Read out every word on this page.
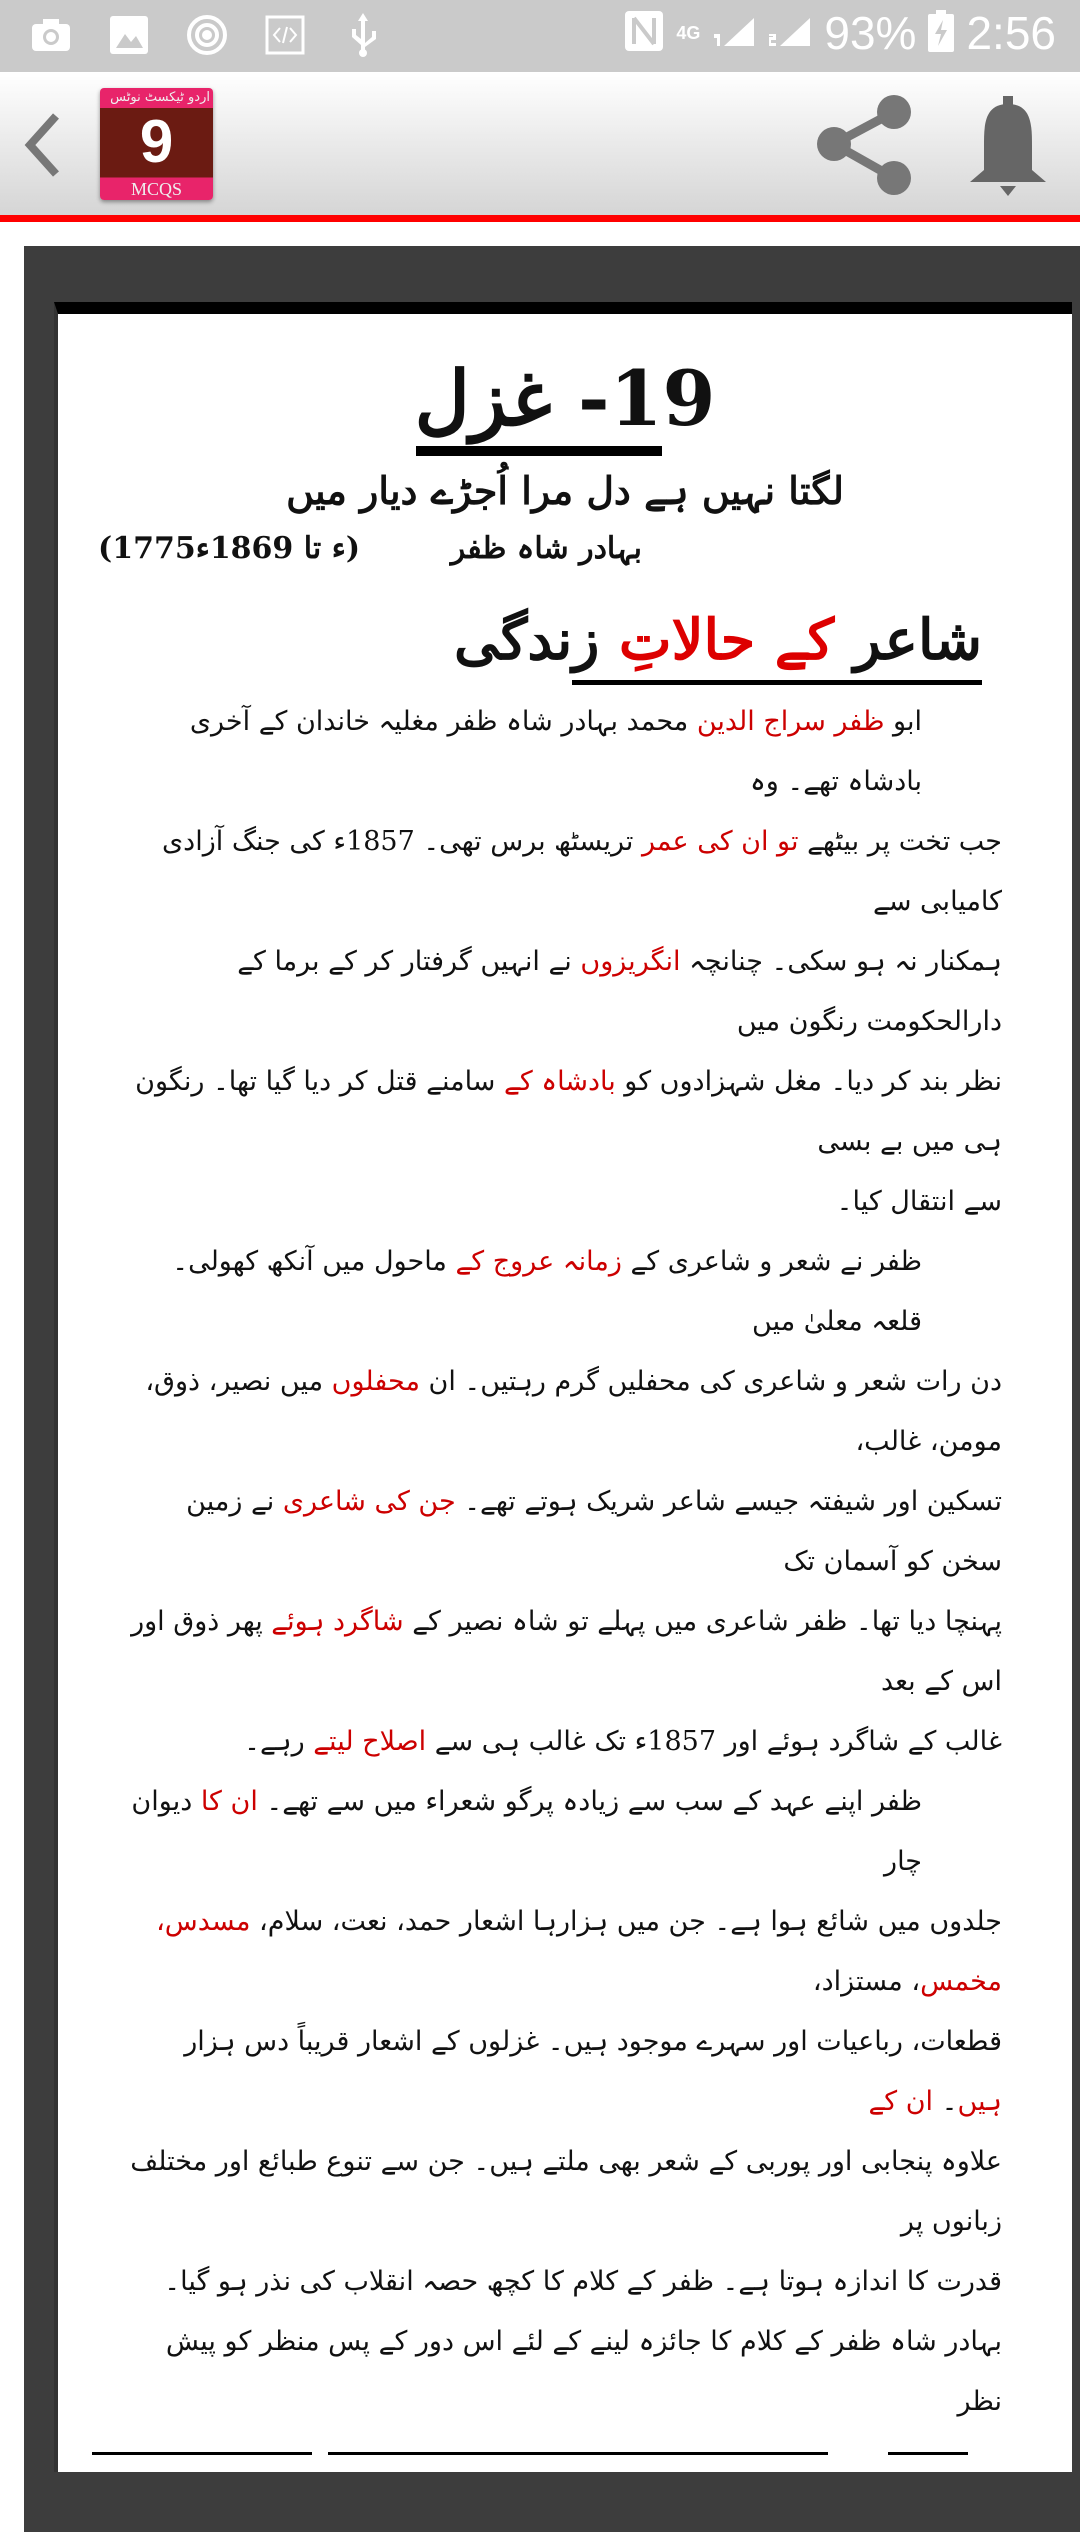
4G	93% 2:56
اردو ٹیکسٹ نوٹس
9
MCQS
19- غزل
لگتا نہیں ہے دل مرا اُجڑے دیار میں
بہادر شاہ ظفر
(1775ء تا 1869ء)
شاعر کے حالاتِ زندگی
ابو ظفر سراج الدین محمد بہادر شاہ ظفر مغلیہ خاندان کے آخری بادشاہ تھے۔ وہ
جب تخت پر بیٹھے تو ان کی عمر تریسٹھ برس تھی۔ 1857ء کی جنگ آزادی کامیابی سے
ہمکنار نہ ہو سکی۔ چنانچہ انگریزوں نے انہیں گرفتار کر کے برما کے دارالحکومت رنگون میں
نظر بند کر دیا۔ مغل شہزادوں کو بادشاہ کے سامنے قتل کر دیا گیا تھا۔ رنگون ہی میں بے بسی
سے انتقال کیا۔
ظفر نے شعر و شاعری کے زمانہ عروج کے ماحول میں آنکھ کھولی۔ قلعہ معلیٰ میں
دن رات شعر و شاعری کی محفلیں گرم رہتیں۔ ان محفلوں میں نصیر، ذوق، مومن، غالب،
تسکین اور شیفتہ جیسے شاعر شریک ہوتے تھے۔ جن کی شاعری نے زمین سخن کو آسمان تک
پہنچا دیا تھا۔ ظفر شاعری میں پہلے تو شاہ نصیر کے شاگرد ہوئے پھر ذوق اور اس کے بعد
غالب کے شاگرد ہوئے اور 1857ء تک غالب ہی سے اصلاح لیتے رہے۔
ظفر اپنے عہد کے سب سے زیادہ پرگو شعراء میں سے تھے۔ ان کا دیوان چار
جلدوں میں شائع ہوا ہے۔ جن میں ہزارہا اشعار حمد، نعت، سلام، مسدس، مخمس، مستزاد،
قطعات، رباعیات اور سہرے موجود ہیں۔ غزلوں کے اشعار قریباً دس ہزار ہیں۔ ان کے
علاوہ پنجابی اور پوربی کے شعر بھی ملتے ہیں۔ جن سے تنوع طبائع اور مختلف زبانوں پر
قدرت کا اندازہ ہوتا ہے۔ ظفر کے کلام کا کچھ حصہ انقلاب کی نذر ہو گیا۔
بہادر شاہ ظفر کے کلام کا جائزہ لینے کے لئے اس دور کے پس منظر کو پیش نظر
